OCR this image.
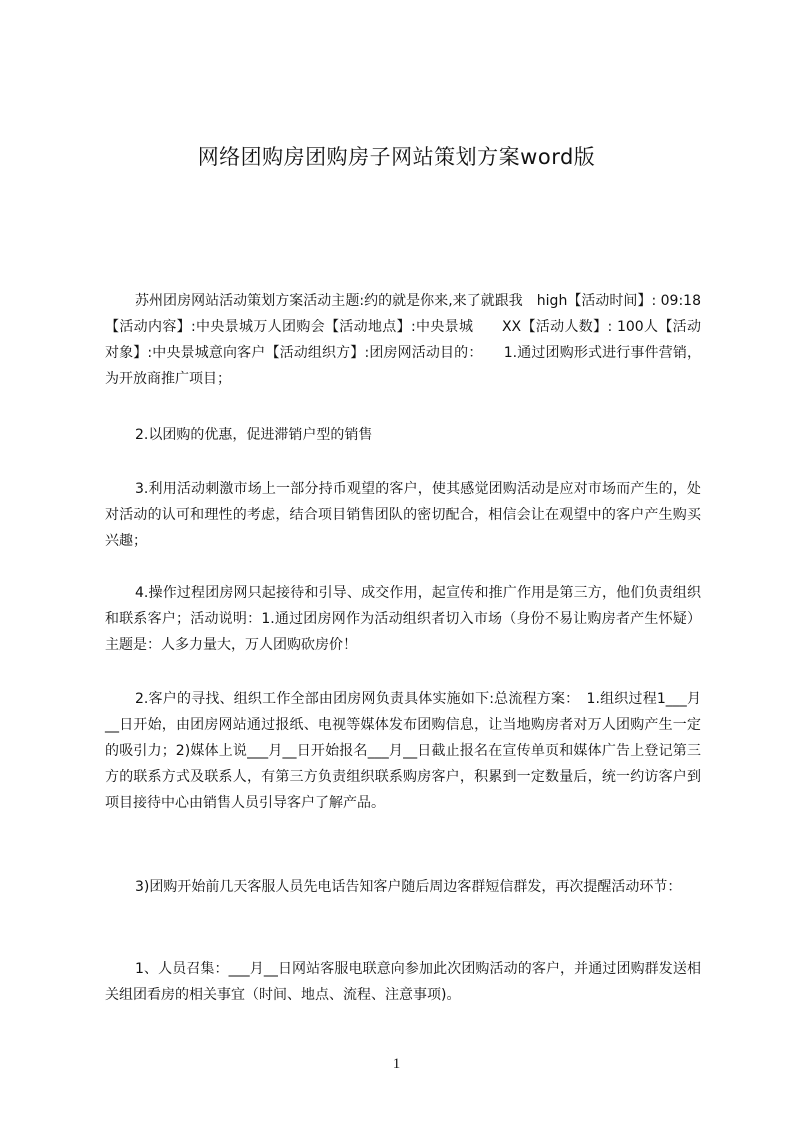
网络团购房团购房子网站策划方案word版

苏州团房网站活动策划方案活动主题:约的就是你来,来了就跟我　high【活动时间】: 09:18【活动内容】:中央景城万人团购会【活动地点】:中央景城　　XX【活动人数】: 100人【活动对象】:中央景城意向客户【活动组织方】:团房网活动目的：　　1.通过团购形式进行事件营销，为开放商推广项目；

2.以团购的优惠，促进滞销户型的销售

3.利用活动刺激市场上一部分持币观望的客户，使其感觉团购活动是应对市场而产生的，处对活动的认可和理性的考虑，结合项目销售团队的密切配合，相信会让在观望中的客户产生购买兴趣；

4.操作过程团房网只起接待和引导、成交作用，起宣传和推广作用是第三方，他们负责组织和联系客户；活动说明：1.通过团房网作为活动组织者切入市场（身份不易让购房者产生怀疑）主题是：人多力量大，万人团购砍房价！

2.客户的寻找、组织工作全部由团房网负责具体实施如下:总流程方案：　1.组织过程1___月__日开始，由团房网站通过报纸、电视等媒体发布团购信息，让当地购房者对万人团购产生一定的吸引力；2)媒体上说___月__日开始报名___月__日截止报名在宣传单页和媒体广告上登记第三方的联系方式及联系人，有第三方负责组织联系购房客户，积累到一定数量后，统一约访客户到项目接待中心由销售人员引导客户了解产品。

3)团购开始前几天客服人员先电话告知客户随后周边客群短信群发，再次提醒活动环节：

1、人员召集：___月__日网站客服电联意向参加此次团购活动的客户，并通过团购群发送相关组团看房的相关事宜（时间、地点、流程、注意事项)。

1
